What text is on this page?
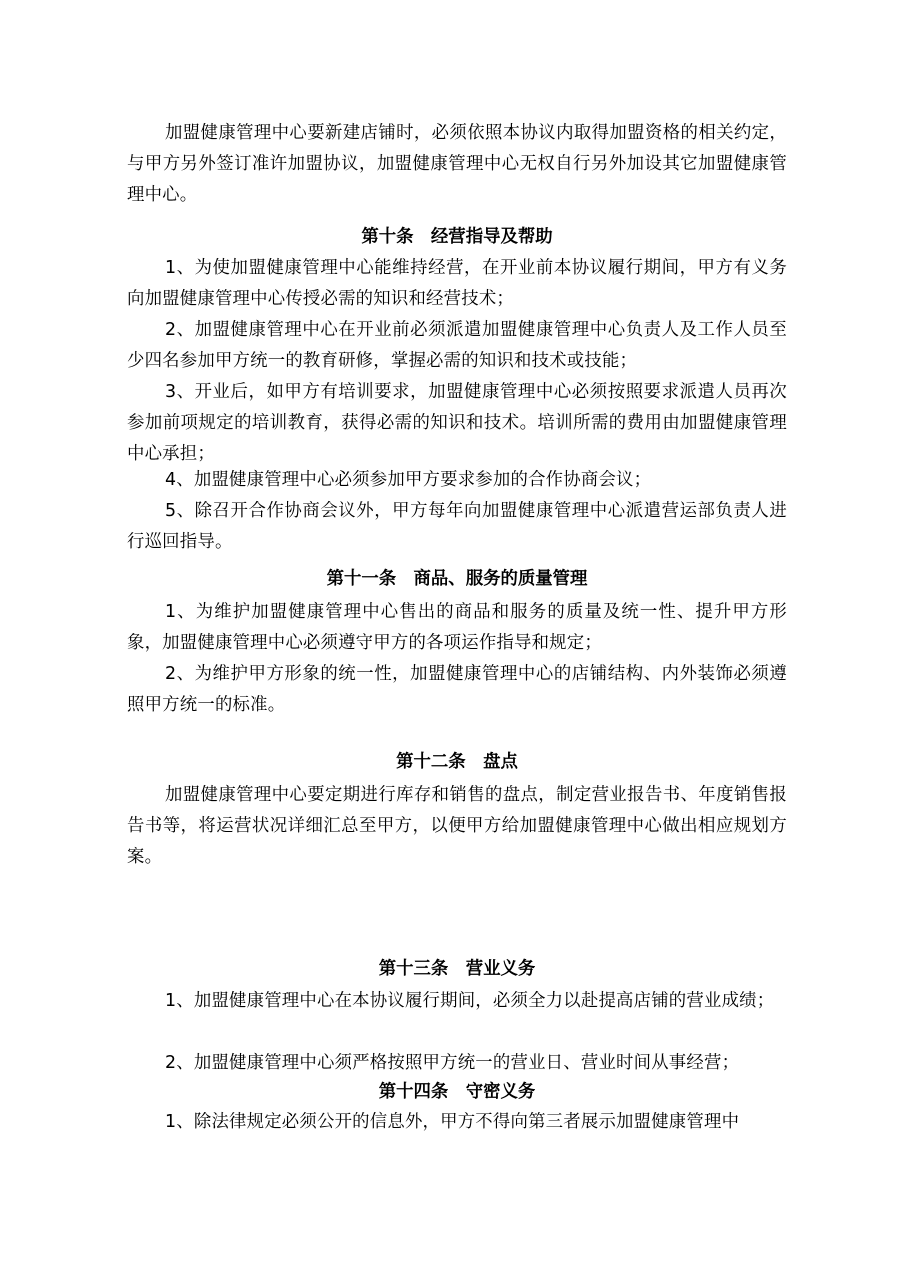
加盟健康管理中心要新建店铺时，必须依照本协议内取得加盟资格的相关约定，与甲方另外签订准许加盟协议，加盟健康管理中心无权自行另外加设其它加盟健康管理中心。

第十条　经营指导及帮助

1、为使加盟健康管理中心能维持经营，在开业前本协议履行期间，甲方有义务向加盟健康管理中心传授必需的知识和经营技术；

2、加盟健康管理中心在开业前必须派遣加盟健康管理中心负责人及工作人员至少四名参加甲方统一的教育研修，掌握必需的知识和技术或技能；

3、开业后，如甲方有培训要求，加盟健康管理中心必须按照要求派遣人员再次参加前项规定的培训教育，获得必需的知识和技术。培训所需的费用由加盟健康管理中心承担；

4、加盟健康管理中心必须参加甲方要求参加的合作协商会议；

5、除召开合作协商会议外，甲方每年向加盟健康管理中心派遣营运部负责人进行巡回指导。

第十一条　商品、服务的质量管理

1、为维护加盟健康管理中心售出的商品和服务的质量及统一性、提升甲方形象，加盟健康管理中心必须遵守甲方的各项运作指导和规定；

2、为维护甲方形象的统一性，加盟健康管理中心的店铺结构、内外装饰必须遵照甲方统一的标准。

第十二条　盘点

加盟健康管理中心要定期进行库存和销售的盘点，制定营业报告书、年度销售报告书等，将运营状况详细汇总至甲方，以便甲方给加盟健康管理中心做出相应规划方案。

第十三条　营业义务

1、加盟健康管理中心在本协议履行期间，必须全力以赴提高店铺的营业成绩；

2、加盟健康管理中心须严格按照甲方统一的营业日、营业时间从事经营；

第十四条　守密义务

1、除法律规定必须公开的信息外，甲方不得向第三者展示加盟健康管理中
